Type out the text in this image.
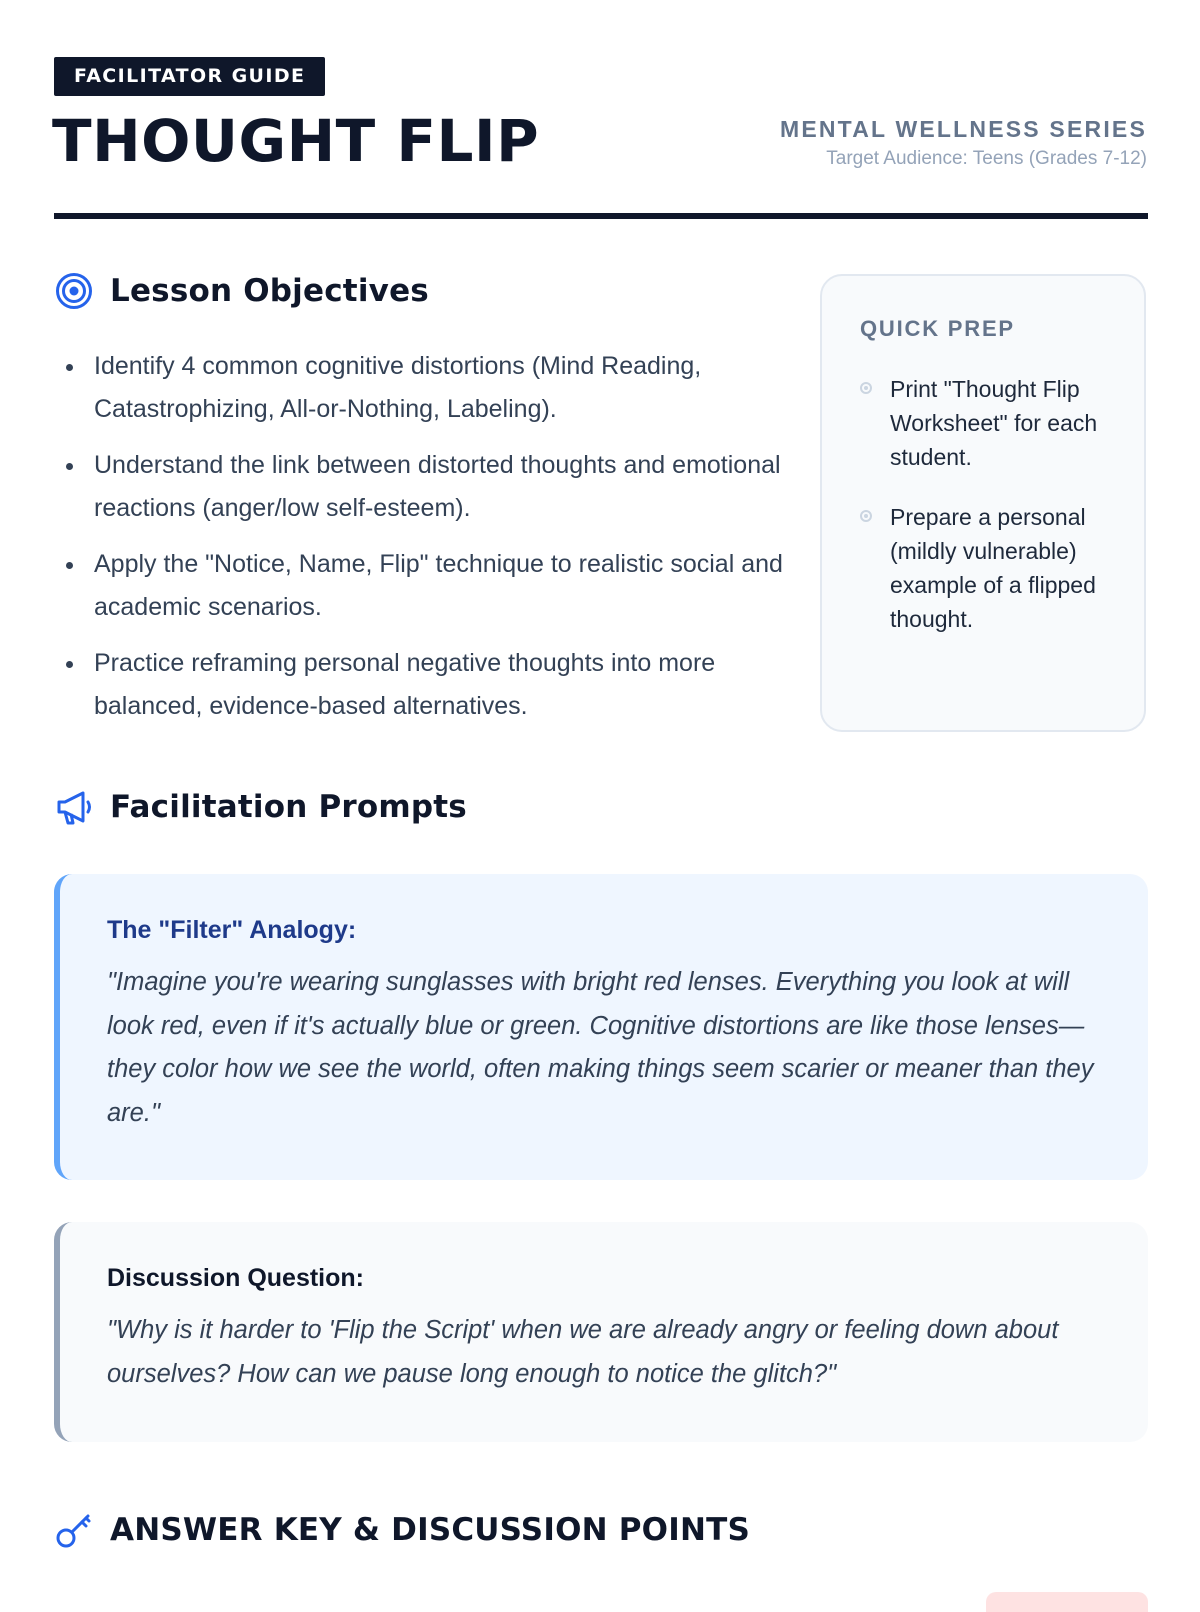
FACILITATOR GUIDE
THOUGHT FLIP	MENTAL WELLNESS SERIES
Target Audience: Teens (Grades 7-12)
Lesson Objectives
Identify 4 common cognitive distortions (Mind Reading, Catastrophizing, All-or-Nothing, Labeling).
Understand the link between distorted thoughts and emotional reactions (anger/low self-esteem).
Apply the "Notice, Name, Flip" technique to realistic social and academic scenarios.
Practice reframing personal negative thoughts into more balanced, evidence-based alternatives.
QUICK PREP
Print "Thought Flip Worksheet" for each student.
Prepare a personal (mildly vulnerable) example of a flipped thought.
Facilitation Prompts

The "Filter" Analogy:

"Imagine you're wearing sunglasses with bright red lenses. Everything you look at will look red, even if it's actually blue or green. Cognitive distortions are like those lenses—they color how we see the world, often making things seem scarier or meaner than they are."

Discussion Question:

"Why is it harder to 'Flip the Script' when we are already angry or feeling down about ourselves? How can we pause long enough to notice the glitch?"

ANSWER KEY & DISCUSSION POINTS
